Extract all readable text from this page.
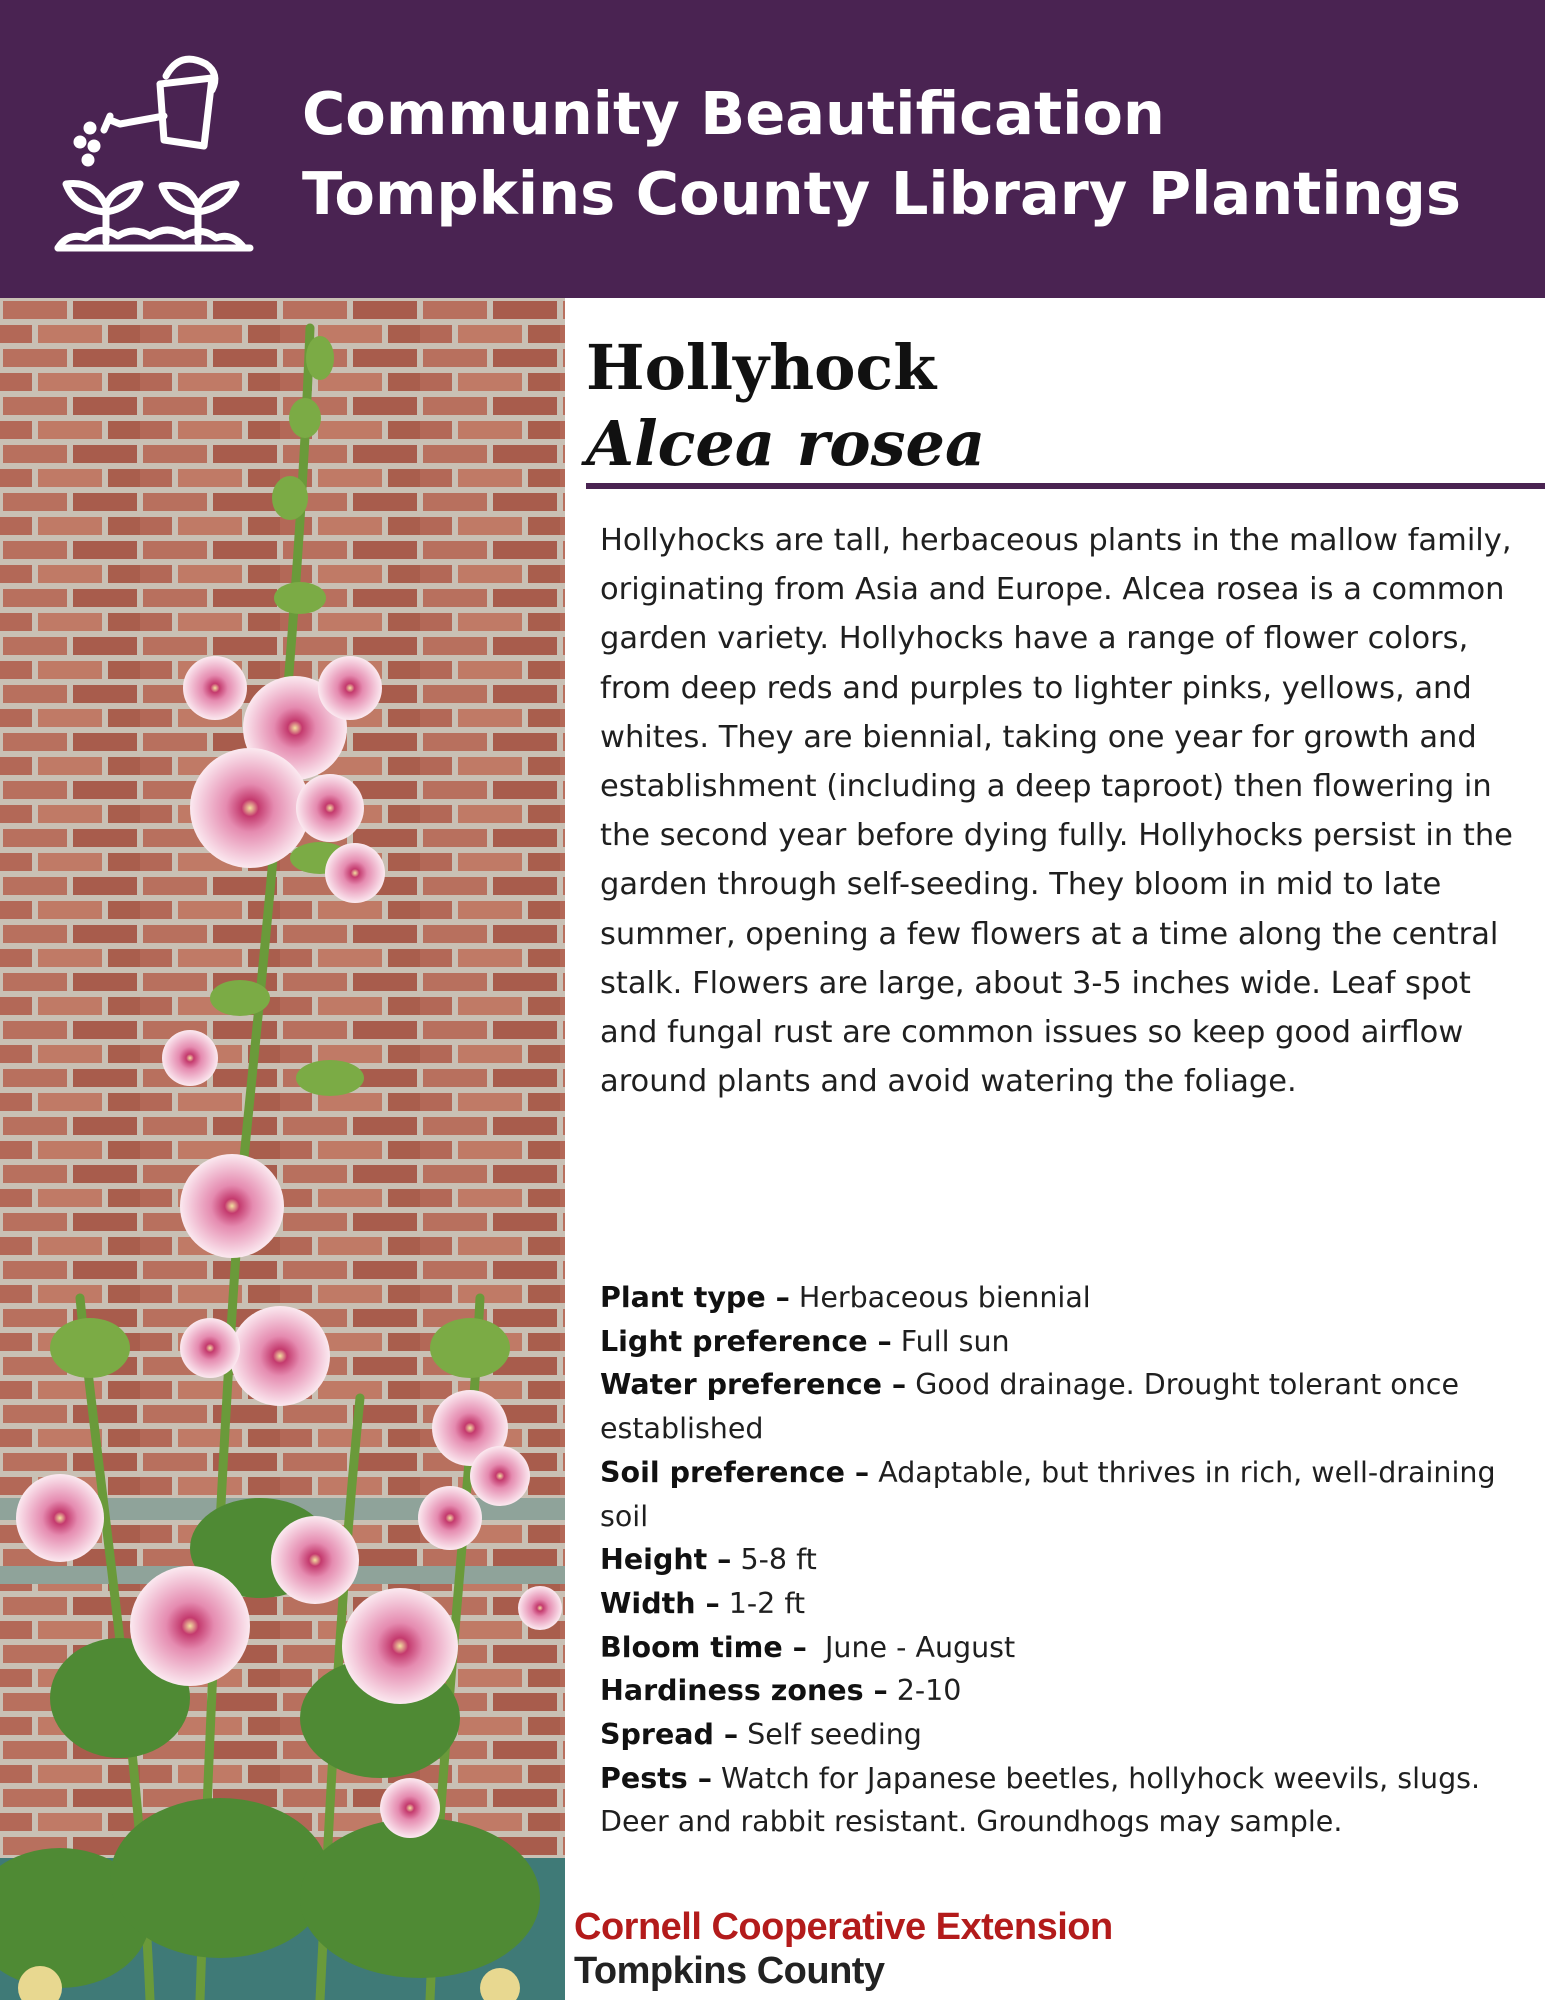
Community Beautification
Tompkins County Library Plantings
Hollyhock
Alcea rosea

Hollyhocks are tall, herbaceous plants in the mallow family, originating from Asia and Europe. Alcea rosea is a common garden variety. Hollyhocks have a range of flower colors, from deep reds and purples to lighter pinks, yellows, and whites. They are biennial, taking one year for growth and establishment (including a deep taproot) then flowering in the second year before dying fully. Hollyhocks persist in the garden through self-seeding. They bloom in mid to late summer, opening a few flowers at a time along the central stalk. Flowers are large, about 3-5 inches wide. Leaf spot and fungal rust are common issues so keep good airflow around plants and avoid watering the foliage.

Plant type – Herbaceous biennial
Light preference – Full sun
Water preference – Good drainage. Drought tolerant once established
Soil preference – Adaptable, but thrives in rich, well-draining soil
Height – 5-8 ft
Width – 1-2 ft
Bloom time –  June - August
Hardiness zones – 2-10
Spread – Self seeding
Pests – Watch for Japanese beetles, hollyhock weevils, slugs. Deer and rabbit resistant. Groundhogs may sample.
Cornell Cooperative Extension
Tompkins County
